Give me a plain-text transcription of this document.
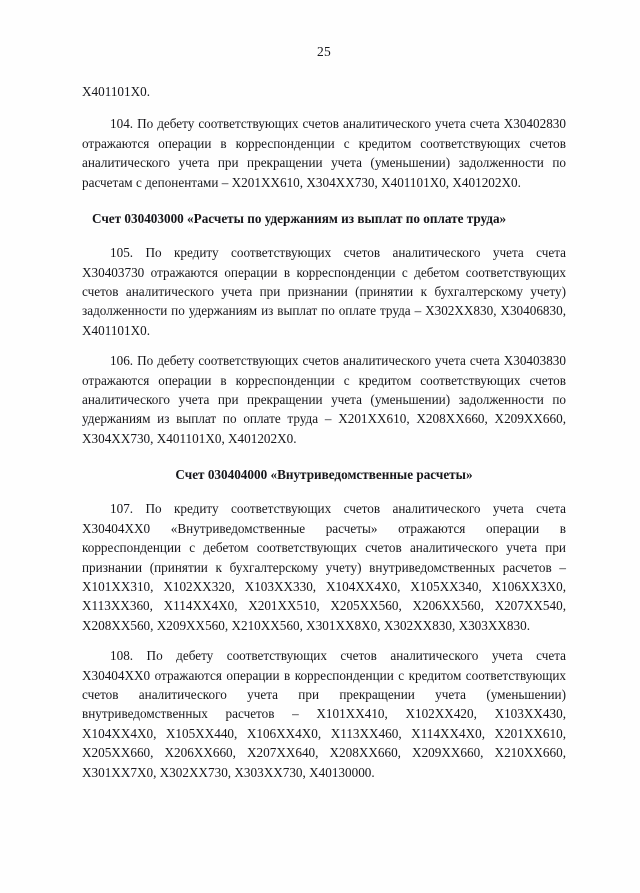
25

X401101X0.

104. По дебету соответствующих счетов аналитического учета счета X30402830 отражаются операции в корреспонденции с кредитом соответствующих счетов аналитического учета при прекращении учета (уменьшении) задолженности по расчетам с депонентами – X201XX610, X304XX730, X401101X0, X401202X0.

Счет 030403000 «Расчеты по удержаниям из выплат по оплате труда»

105. По кредиту соответствующих счетов аналитического учета счета X30403730 отражаются операции в корреспонденции с дебетом соответствующих счетов аналитического учета при признании (принятии к бухгалтерскому учету) задолженности по удержаниям из выплат по оплате труда – X302XX830, X30406830, X401101X0.

106. По дебету соответствующих счетов аналитического учета счета X30403830 отражаются операции в корреспонденции с кредитом соответствующих счетов аналитического учета при прекращении учета (уменьшении) задолженности по удержаниям из выплат по оплате труда – X201XX610, X208XX660, X209XX660, X304XX730, X401101X0, X401202X0.

Счет 030404000 «Внутриведомственные расчеты»

107. По кредиту соответствующих счетов аналитического учета счета X30404XX0 «Внутриведомственные расчеты» отражаются операции в корреспонденции с дебетом соответствующих счетов аналитического учета при признании (принятии к бухгалтерскому учету) внутриведомственных расчетов – X101XX310, X102XX320, X103XX330, X104XX4X0, X105XX340, X106XX3X0, X113XX360, X114XX4X0, X201XX510, X205XX560, X206XX560, X207XX540, X208XX560, X209XX560, X210XX560, X301XX8X0, X302XX830, X303XX830.

108. По дебету соответствующих счетов аналитического учета счета X30404XX0 отражаются операции в корреспонденции с кредитом соответствующих счетов аналитического учета при прекращении учета (уменьшении) внутриведомственных расчетов – X101XX410, X102XX420, X103XX430, X104XX4X0, X105XX440, X106XX4X0, X113XX460, X114XX4X0, X201XX610, X205XX660, X206XX660, X207XX640, X208XX660, X209XX660, X210XX660, X301XX7X0, X302XX730, X303XX730, X40130000.
